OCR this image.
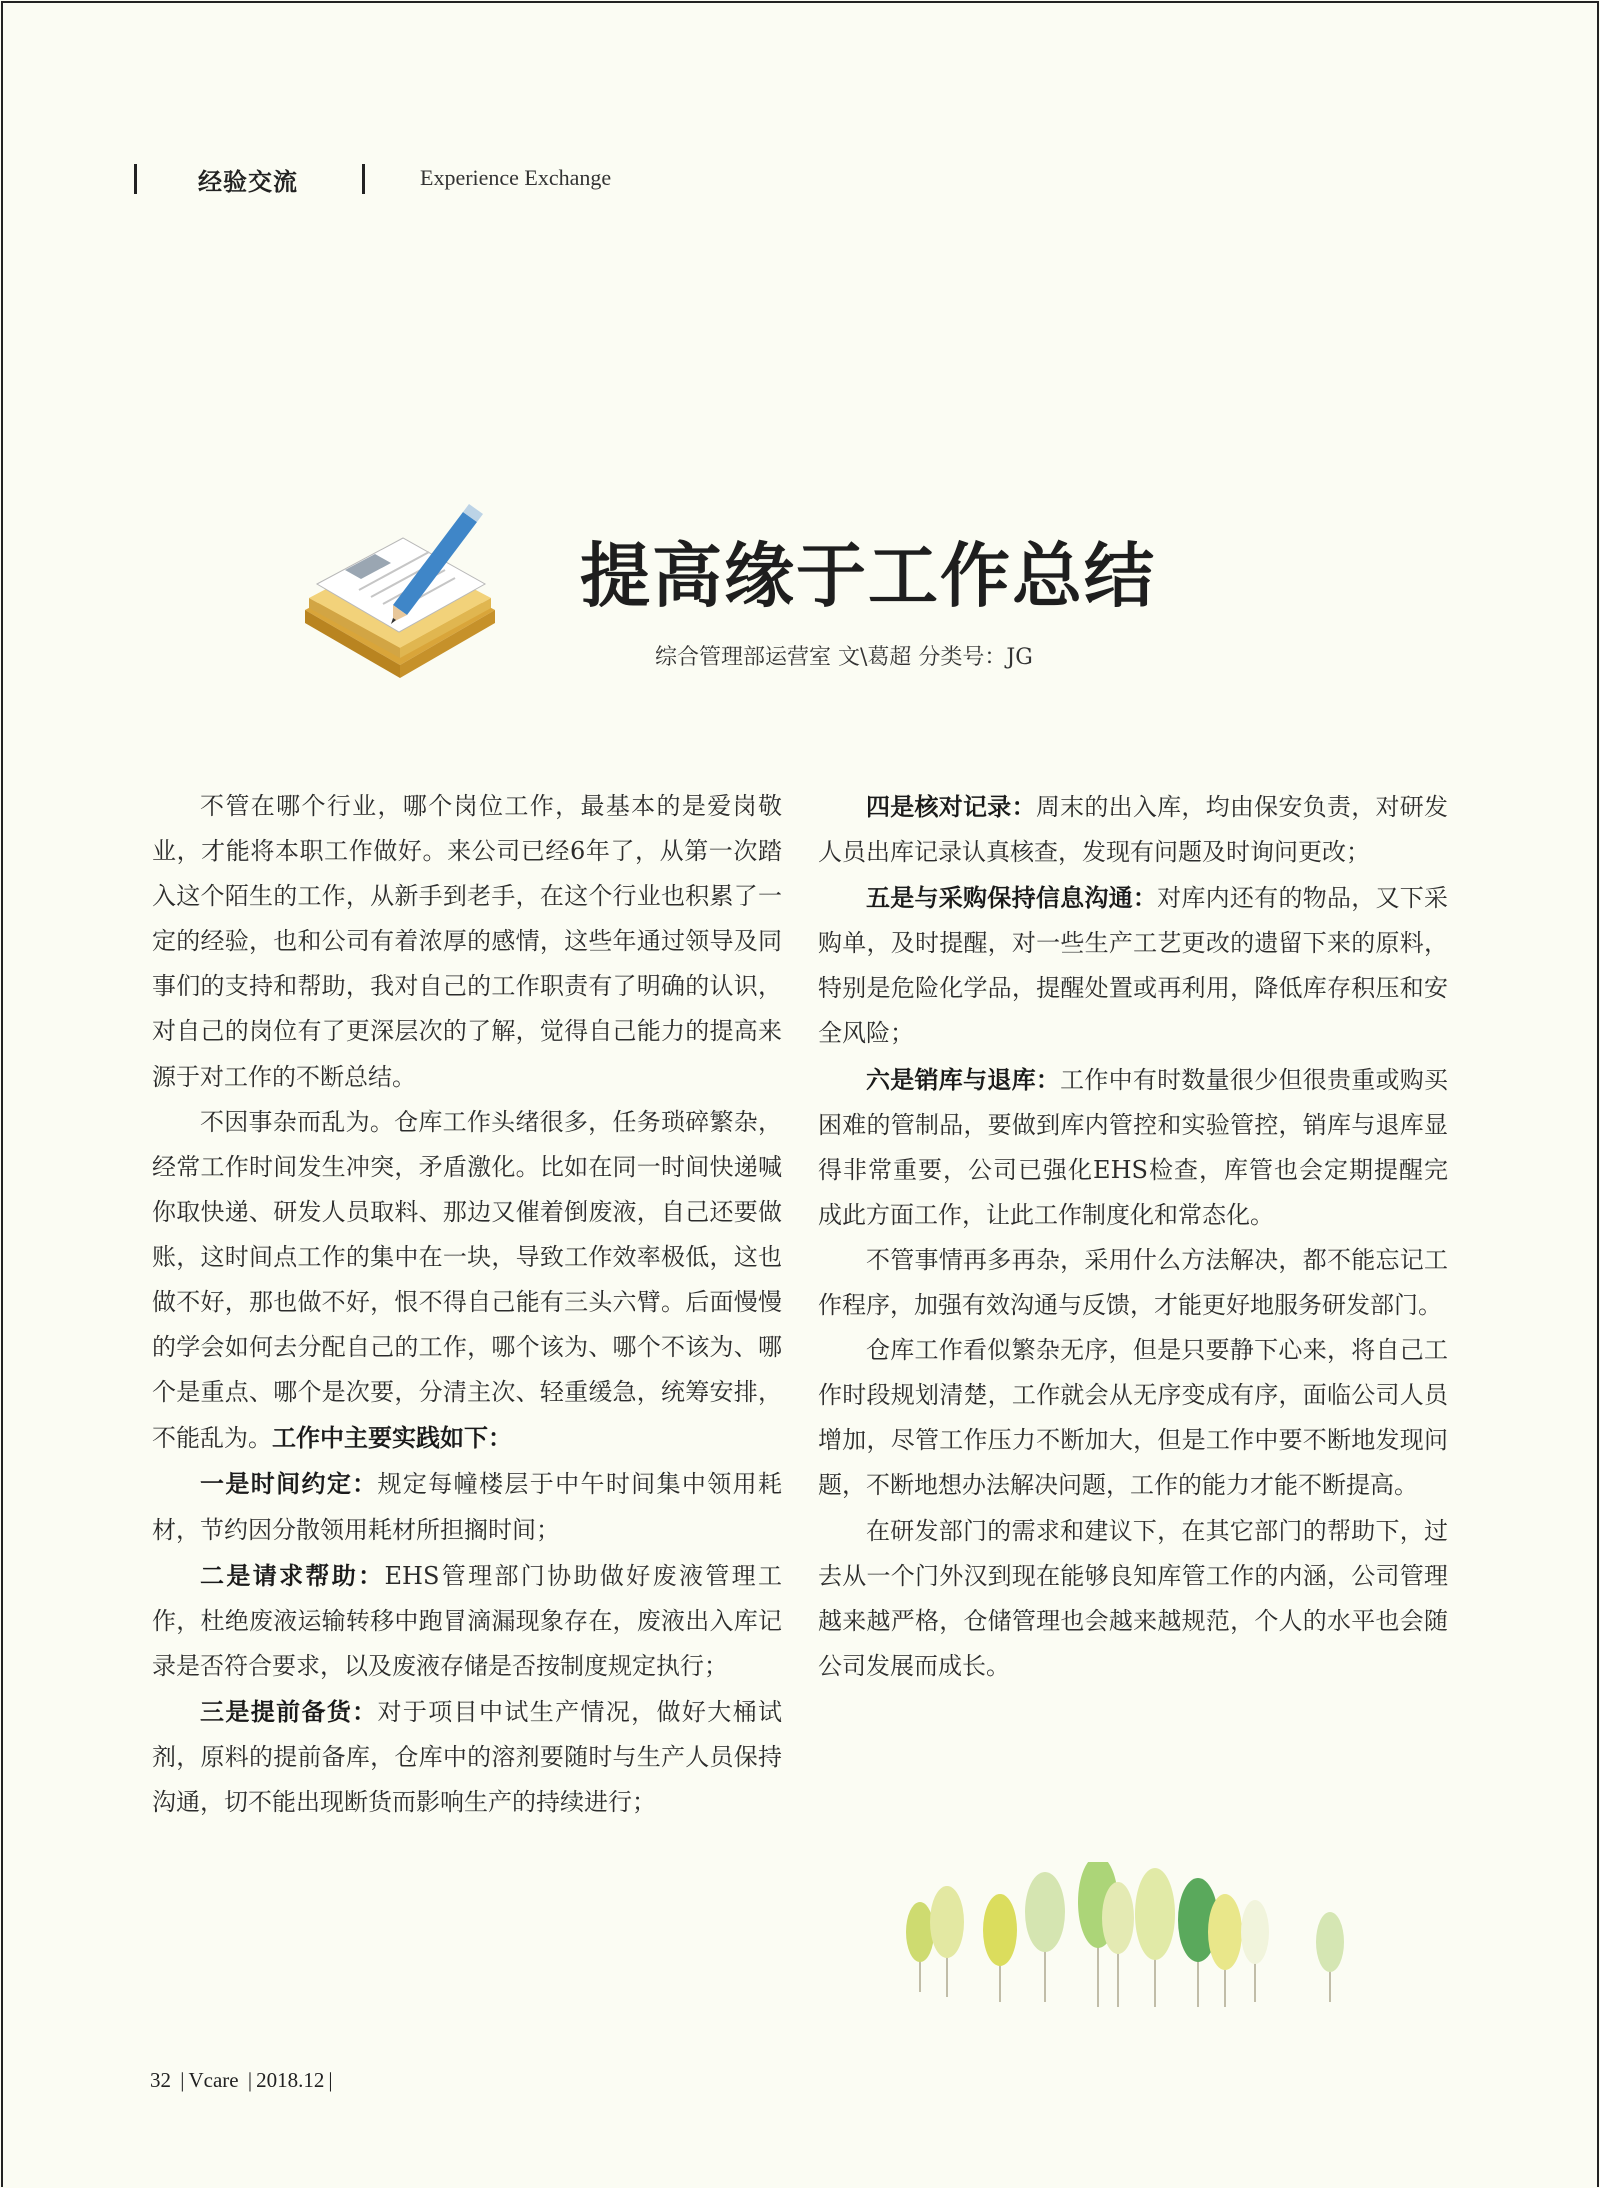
经验交流	Experience Exchange
提高缘于工作总结
综合管理部运营室 文\葛超 分类号：JG

不管在哪个行业，哪个岗位工作，最基本的是爱岗敬业，才能将本职工作做好。来公司已经6年了，从第一次踏入这个陌生的工作，从新手到老手，在这个行业也积累了一定的经验，也和公司有着浓厚的感情，这些年通过领导及同事们的支持和帮助，我对自己的工作职责有了明确的认识，对自己的岗位有了更深层次的了解，觉得自己能力的提高来源于对工作的不断总结。

不因事杂而乱为。仓库工作头绪很多，任务琐碎繁杂，经常工作时间发生冲突，矛盾激化。比如在同一时间快递喊你取快递、研发人员取料、那边又催着倒废液，自己还要做账，这时间点工作的集中在一块，导致工作效率极低，这也做不好，那也做不好，恨不得自己能有三头六臂。后面慢慢的学会如何去分配自己的工作，哪个该为、哪个不该为、哪个是重点、哪个是次要，分清主次、轻重缓急，统筹安排，不能乱为。工作中主要实践如下：

一是时间约定：规定每幢楼层于中午时间集中领用耗材，节约因分散领用耗材所担搁时间；

二是请求帮助：EHS管理部门协助做好废液管理工作，杜绝废液运输转移中跑冒滴漏现象存在，废液出入库记录是否符合要求，以及废液存储是否按制度规定执行；

三是提前备货：对于项目中试生产情况，做好大桶试剂，原料的提前备库，仓库中的溶剂要随时与生产人员保持沟通，切不能出现断货而影响生产的持续进行；

四是核对记录：周末的出入库，均由保安负责，对研发人员出库记录认真核查，发现有问题及时询问更改；

五是与采购保持信息沟通：对库内还有的物品，又下采购单，及时提醒，对一些生产工艺更改的遗留下来的原料，特别是危险化学品，提醒处置或再利用，降低库存积压和安全风险；

六是销库与退库：工作中有时数量很少但很贵重或购买困难的管制品，要做到库内管控和实验管控，销库与退库显得非常重要，公司已强化EHS检查，库管也会定期提醒完成此方面工作，让此工作制度化和常态化。

不管事情再多再杂，采用什么方法解决，都不能忘记工作程序，加强有效沟通与反馈，才能更好地服务研发部门。

仓库工作看似繁杂无序，但是只要静下心来，将自己工作时段规划清楚，工作就会从无序变成有序，面临公司人员增加，尽管工作压力不断加大，但是工作中要不断地发现问题，不断地想办法解决问题，工作的能力才能不断提高。

在研发部门的需求和建议下，在其它部门的帮助下，过去从一个门外汉到现在能够良知库管工作的内涵，公司管理越来越严格，仓储管理也会越来越规范，个人的水平也会随公司发展而成长。

32 | Vcare | 2018.12 |
